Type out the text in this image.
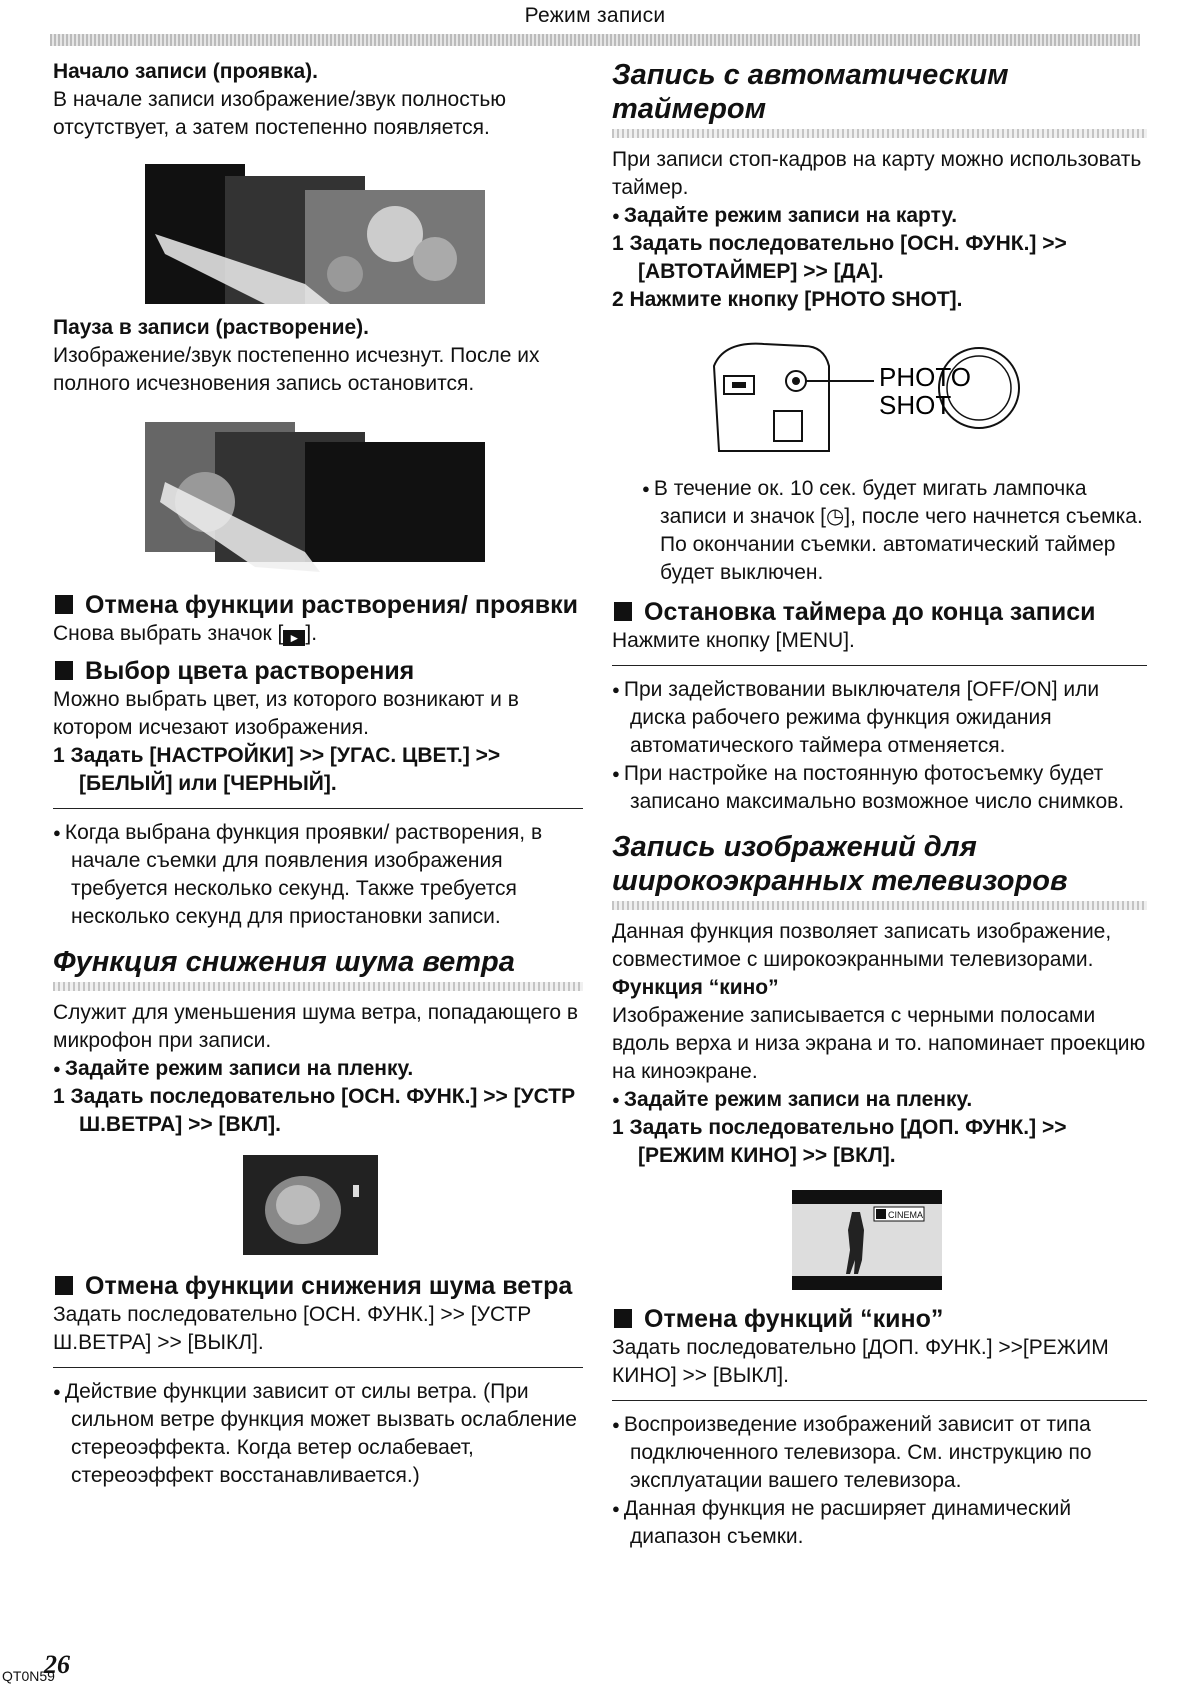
Режим записи

Начало записи (проявка).

В начале записи изображение/звук полностью отсутствует, а затем постепенно появляется.

Пауза в записи (растворение).

Изображение/звук постепенно исчезнут. После их полного исчезновения запись остановится.

Отмена функции растворения/ проявки

Снова выбрать значок [ ► ].

Выбор цвета растворения

Можно выбрать цвет, из которого возникают и в котором исчезают изображения.

1 Задать [НАСТРОЙКИ] >> [УГАС. ЦВЕТ.] >> [БЕЛЫЙ] или [ЧЕРНЫЙ].

● Когда выбрана функция проявки/ растворения, в начале съемки для появления изображения требуется несколько секунд. Также требуется несколько секунд для приостановки записи.

Функция снижения шума ветра

Служит для уменьшения шума ветра, попадающего в микрофон при записи.

● Задайте режим записи на пленку.

1 Задать последовательно [ОСН. ФУНК.] >> [УСТР Ш.ВЕТРА] >> [ВКЛ].

Отмена функции снижения шума ветра

Задать последовательно [ОСН. ФУНК.] >> [УСТР Ш.ВЕТРА] >> [ВЫКЛ].

● Действие функции зависит от силы ветра. (При сильном ветре функция может вызвать ослабление стереоэффекта. Когда ветер ослабевает, стереоэффект восстанавливается.)

Запись с автоматическим таймером

При записи стоп-кадров на карту можно использовать таймер.

● Задайте режим записи на карту.

1 Задать последовательно [ОСН. ФУНК.] >> [АВТОТАЙМЕР] >> [ДА].

2 Нажмите кнопку [PHOTO SHOT].

PHOTO
SHOT

● В течение ок. 10 сек. будет мигать лампочка записи и значок [◷], после чего начнется съемка. По окончании съемки. автоматический таймер будет выключен.

Остановка таймера до конца записи

Нажмите кнопку [MENU].

● При задействовании выключателя [OFF/ON] или диска рабочего режима функция ожидания автоматического таймера отменяется.

● При настройке на постоянную фотосъемку будет записано максимально возможное число снимков.

Запись изображений для широкоэкранных телевизоров

Данная функция позволяет записать изображение, совместимое с широкоэкранными телевизорами.

Функция “кино”

Изображение записывается с черными полосами вдоль верха и низа экрана и то. напоминает проекцию на киноэкране.

● Задайте режим записи на пленку.

1 Задать последовательно [ДОП. ФУНК.] >>[РЕЖИМ КИНО] >> [ВКЛ].

CINEMA
Отмена функций “кино”

Задать последовательно [ДОП. ФУНК.] >>[РЕЖИМ КИНО] >> [ВЫКЛ].

● Воспроизведение изображений зависит от типа подключенного телевизора. См. инструкцию по эксплуатации вашего телевизора.

● Данная функция не расширяет динамический диапазон съемки.

26
QT0N59
